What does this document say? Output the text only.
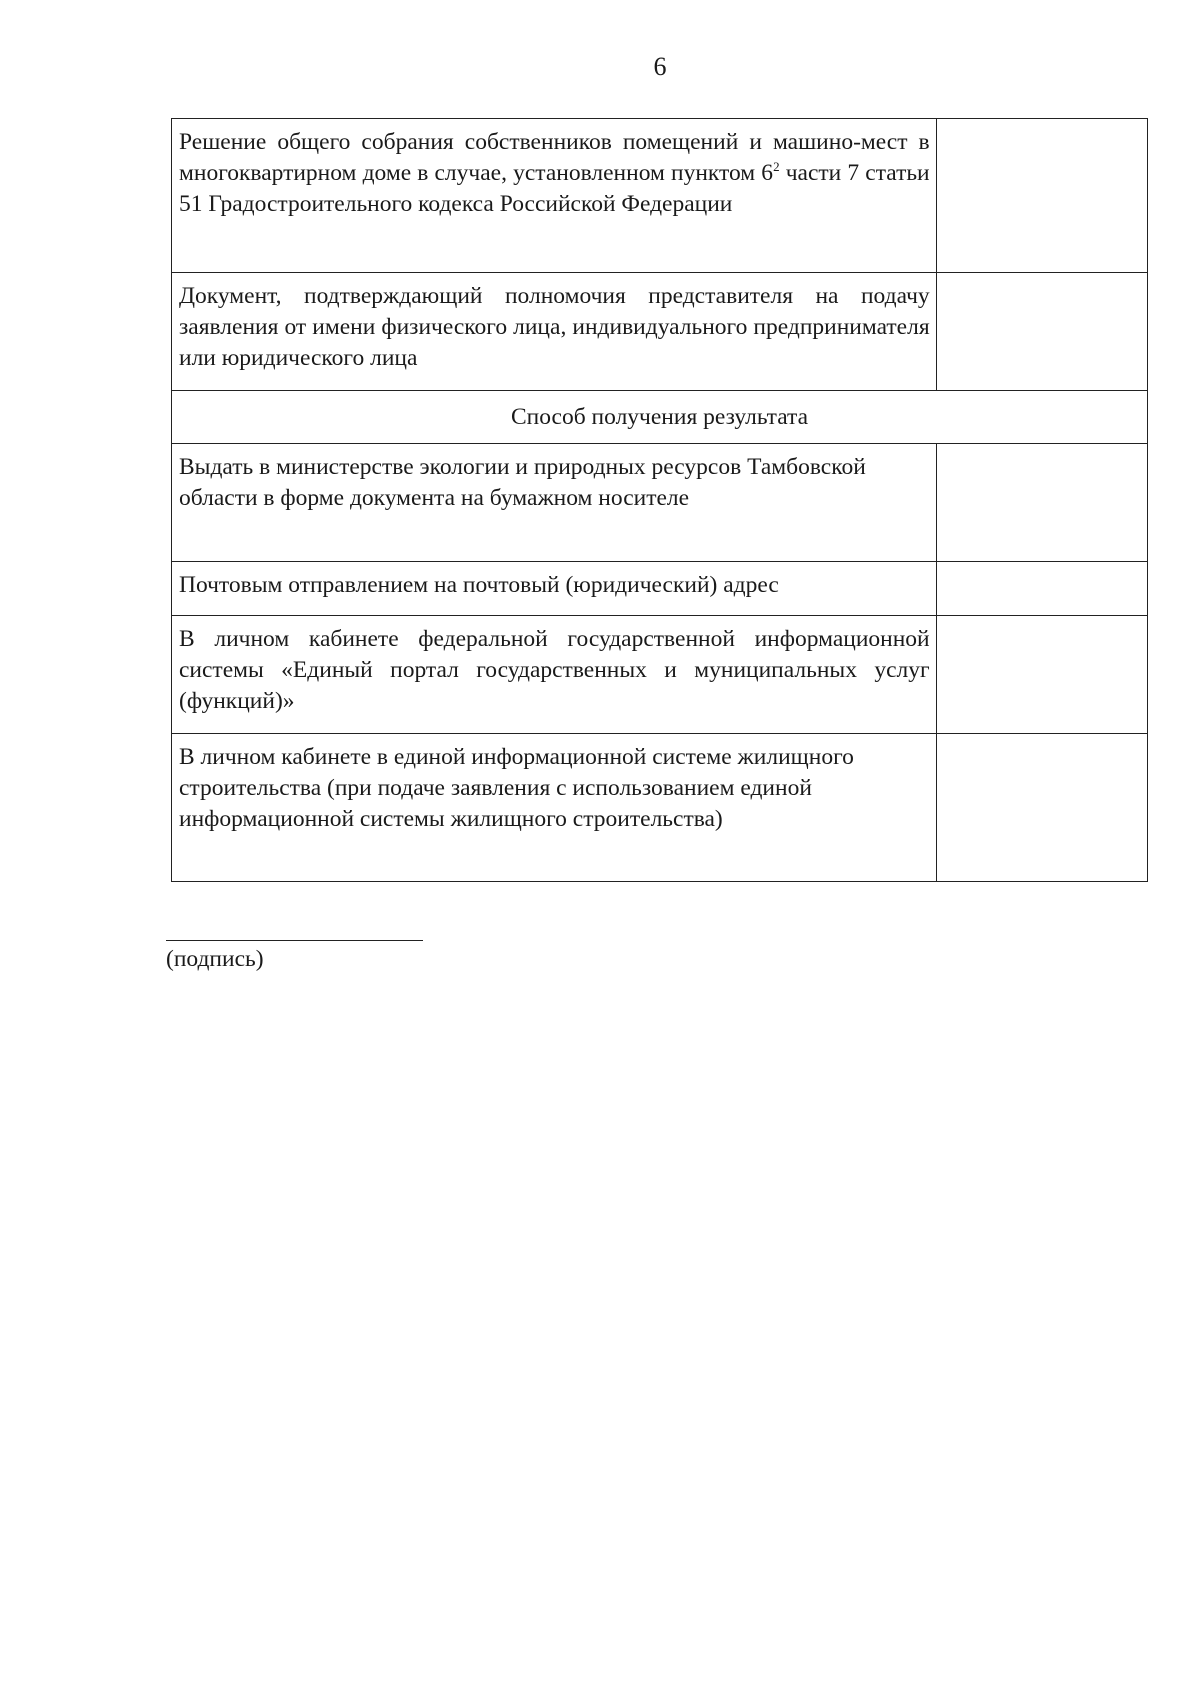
6
Решение общего собрания собственников помещений и машино-мест в многоквартирном доме в случае, установленном пунктом $6^2$ части 7 статьи 51 Градостроительного кодекса Российской Федерации	
Документ, подтверждающий полномочия представителя на подачу заявления от имени физического лица, индивидуального предпринимателя или юридического лица	
Способ получения результата	
Выдать в министерстве экологии и природных ресурсов Тамбовской области в форме документа на бумажном носителе	
Почтовым отправлением на почтовый (юридический) адрес	
В личном кабинете федеральной государственной информационной системы «Единый портал государственных и муниципальных услуг (функций)»	
В личном кабинете в единой информационной системе жилищного строительства (при подаче заявления с использованием единой информационной системы жилищного строительства)	
(подпись)
